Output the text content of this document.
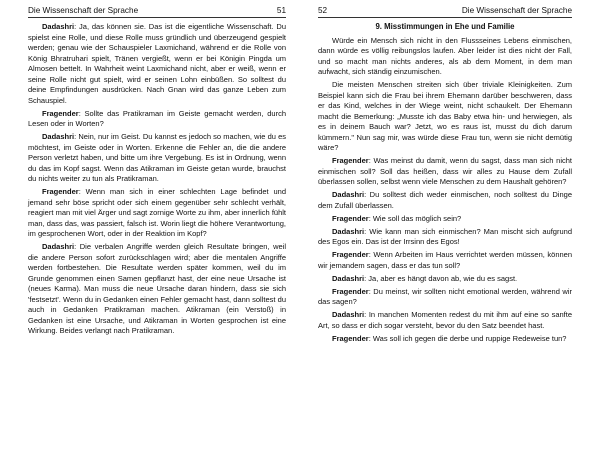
Die Wissenschaft der Sprache	51

Dadashri: Ja, das können sie. Das ist die eigentliche Wissenschaft. Du spielst eine Rolle, und diese Rolle muss gründlich und überzeugend gespielt werden; genau wie der Schauspieler Laxmichand, während er die Rolle von König Bhratruhari spielt, Tränen vergießt, wenn er bei Königin Pingda um Almosen bettelt. In Wahrheit weint Laxmichand nicht, aber er weiß, wenn er seine Rolle nicht gut spielt, wird er seinen Lohn einbüßen. So solltest du deine Empfindungen ausdrücken. Nach Gnan wird das ganze Leben zum Schauspiel.

Fragender: Sollte das Pratikraman im Geiste gemacht werden, durch Lesen oder in Worten?

Dadashri: Nein, nur im Geist. Du kannst es jedoch so machen, wie du es möchtest, im Geiste oder in Worten. Erkenne die Fehler an, die die andere Person verletzt haben, und bitte um ihre Vergebung. Es ist in Ordnung, wenn du das im Kopf sagst. Wenn das Atikraman im Geiste getan wurde, brauchst du nichts weiter zu tun als Pratikraman.

Fragender: Wenn man sich in einer schlechten Lage befindet und jemand sehr böse spricht oder sich einem gegenüber sehr schlecht verhält, reagiert man mit viel Ärger und sagt zornige Worte zu ihm, aber innerlich fühlt man, dass das, was passiert, falsch ist. Worin liegt die höhere Verantwortung, im gesprochenen Wort, oder in der Reaktion im Kopf?

Dadashri: Die verbalen Angriffe werden gleich Resultate bringen, weil die andere Person sofort zurückschlagen wird; aber die mentalen Angriffe werden fortbestehen. Die Resultate werden später kommen, weil du im Grunde genommen einen Samen gepflanzt hast, der eine neue Ursache ist (neues Karma). Man muss die neue Ursache daran hindern, dass sie sich 'festsetzt'. Wenn du in Gedanken einen Fehler gemacht hast, dann solltest du auch in Gedanken Pratikraman machen. Atikraman (ein Verstoß) in Gedanken ist eine Ursache, und Atikraman in Worten gesprochen ist eine Wirkung. Beides verlangt nach Pratikraman.

52	Die Wissenschaft der Sprache
9. Misstimmungen in Ehe und Familie

Würde ein Mensch sich nicht in den Flussseines Lebens einmischen, dann würde es völlig reibungslos laufen. Aber leider ist dies nicht der Fall, und so macht man nichts anderes, als ab dem Moment, in dem man aufwacht, sich ständig einzumischen.

Die meisten Menschen streiten sich über triviale Kleinigkeiten. Zum Beispiel kann sich die Frau bei ihrem Ehemann darüber beschweren, dass er das Kind, welches in der Wiege weint, nicht schaukelt. Der Ehemann macht die Bemerkung: „Musste ich das Baby etwa hin- und herwiegen, als es in deinem Bauch war? Jetzt, wo es raus ist, musst du dich darum kümmern." Nun sag mir, was würde diese Frau tun, wenn sie nicht demütig wäre?

Fragender: Was meinst du damit, wenn du sagst, dass man sich nicht einmischen soll? Soll das heißen, dass wir alles zu Hause dem Zufall überlassen sollen, selbst wenn viele Menschen zu dem Haushalt gehören?

Dadashri: Du solltest dich weder einmischen, noch solltest du Dinge dem Zufall überlassen.

Fragender: Wie soll das möglich sein?

Dadashri: Wie kann man sich einmischen? Man mischt sich aufgrund des Egos ein. Das ist der Irrsinn des Egos!

Fragender: Wenn Arbeiten im Haus verrichtet werden müssen, können wir jemandem sagen, dass er das tun soll?

Dadashri: Ja, aber es hängt davon ab, wie du es sagst.

Fragender: Du meinst, wir sollten nicht emotional werden, während wir das sagen?

Dadashri: In manchen Momenten redest du mit ihm auf eine so sanfte Art, so dass er dich sogar versteht, bevor du den Satz beendet hast.

Fragender: Was soll ich gegen die derbe und ruppige Redeweise tun?
